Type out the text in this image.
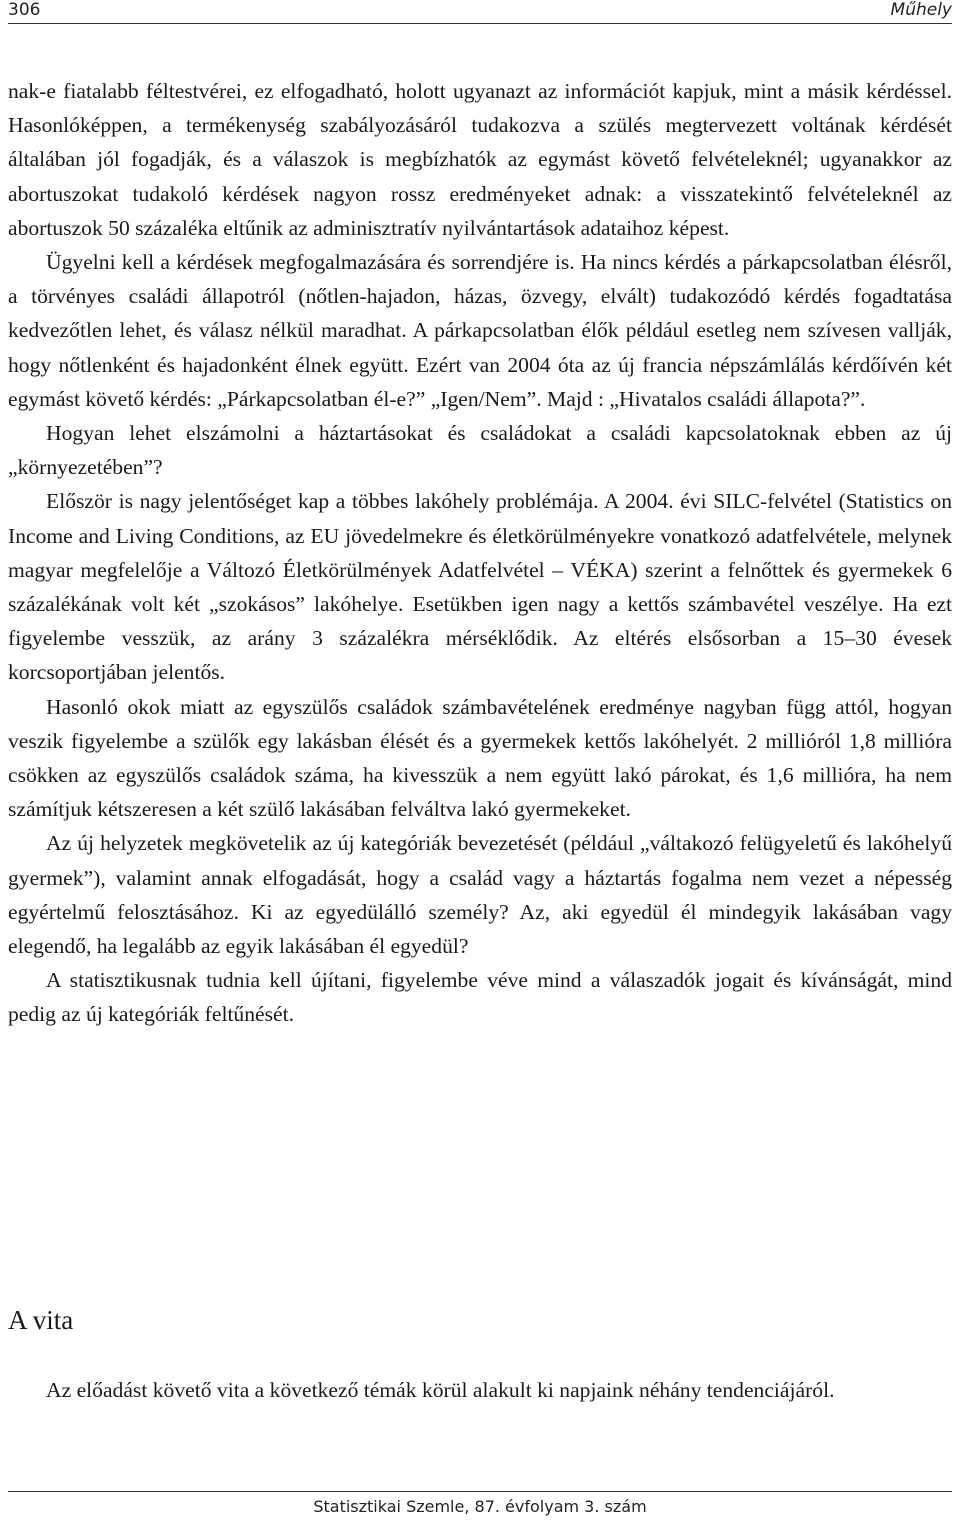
306	Műhely

nak-e fiatalabb féltestvérei, ez elfogadható, holott ugyanazt az információt kapjuk, mint a másik kérdéssel. Hasonlóképpen, a termékenység szabályozásáról tudakozva a szülés megtervezett voltának kérdését általában jól fogadják, és a válaszok is megbízhatók az egymást követő felvételeknél; ugyanakkor az abortuszokat tudakoló kérdések nagyon rossz eredményeket adnak: a visszatekintő felvételeknél az abortuszok 50 százaléka eltűnik az adminisztratív nyilvántartások adataihoz képest.

Ügyelni kell a kérdések megfogalmazására és sorrendjére is. Ha nincs kérdés a párkapcsolatban élésről, a törvényes családi állapotról (nőtlen-hajadon, házas, özvegy, elvált) tudakozódó kérdés fogadtatása kedvezőtlen lehet, és válasz nélkül maradhat. A párkapcsolatban élők például esetleg nem szívesen vallják, hogy nőtlenként és hajadonként élnek együtt. Ezért van 2004 óta az új francia népszámlálás kérdőívén két egymást követő kérdés: „Párkapcsolatban él-e?” „Igen/Nem”. Majd : „Hivatalos családi állapota?”.

Hogyan lehet elszámolni a háztartásokat és családokat a családi kapcsolatoknak ebben az új „környezetében”?

Először is nagy jelentőséget kap a többes lakóhely problémája. A 2004. évi SILC-felvétel (Statistics on Income and Living Conditions, az EU jövedelmekre és életkörülményekre vonatkozó adatfelvétele, melynek magyar megfelelője a Változó Életkörülmények Adatfelvétel – VÉKA) szerint a felnőttek és gyermekek 6 százalékának volt két „szokásos” lakóhelye. Esetükben igen nagy a kettős számbavétel veszélye. Ha ezt figyelembe vesszük, az arány 3 százalékra mérséklődik. Az eltérés elsősorban a 15–30 évesek korcsoportjában jelentős.

Hasonló okok miatt az egyszülős családok számbavételének eredménye nagyban függ attól, hogyan veszik figyelembe a szülők egy lakásban élését és a gyermekek kettős lakóhelyét. 2 millióról 1,8 millióra csökken az egyszülős családok száma, ha kivesszük a nem együtt lakó párokat, és 1,6 millióra, ha nem számítjuk kétszeresen a két szülő lakásában felváltva lakó gyermekeket.

Az új helyzetek megkövetelik az új kategóriák bevezetését (például „váltakozó felügyeletű és lakóhelyű gyermek”), valamint annak elfogadását, hogy a család vagy a háztartás fogalma nem vezet a népesség egyértelmű felosztásához. Ki az egyedülálló személy? Az, aki egyedül él mindegyik lakásában vagy elegendő, ha legalább az egyik lakásában él egyedül?

A statisztikusnak tudnia kell újítani, figyelembe véve mind a válaszadók jogait és kívánságát, mind pedig az új kategóriák feltűnését.

A vita

Az előadást követő vita a következő témák körül alakult ki napjaink néhány tendenciájáról.

Statisztikai Szemle, 87. évfolyam 3. szám
